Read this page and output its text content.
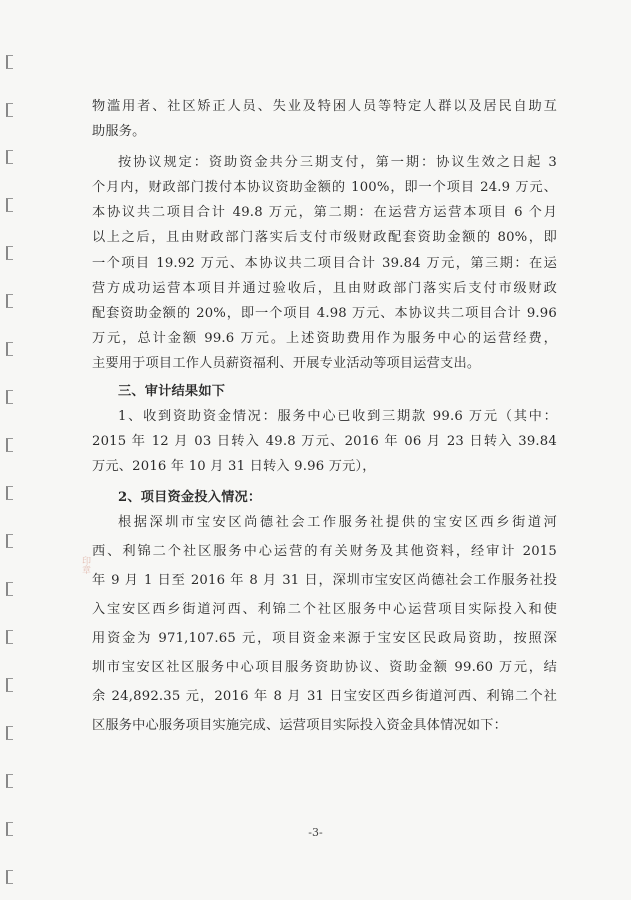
印章
物滥用者、社区矫正人员、失业及特困人员等特定人群以及居民自助互
助服务。
按协议规定：资助资金共分三期支付，第一期：协议生效之日起 3
个月内，财政部门拨付本协议资助金额的 100%，即一个项目 24.9 万元、
本协议共二项目合计 49.8 万元，第二期：在运营方运营本项目 6 个月
以上之后，且由财政部门落实后支付市级财政配套资助金额的 80%，即
一个项目 19.92 万元、本协议共二项目合计 39.84 万元，第三期：在运
营方成功运营本项目并通过验收后，且由财政部门落实后支付市级财政
配套资助金额的 20%，即一个项目 4.98 万元、本协议共二项目合计 9.96
万元，总计金额 99.6 万元。上述资助费用作为服务中心的运营经费，
主要用于项目工作人员薪资福利、开展专业活动等项目运营支出。
三、审计结果如下
1、收到资助资金情况：服务中心已收到三期款 99.6 万元（其中：
2015 年 12 月 03 日转入 49.8 万元、2016 年 06 月 23 日转入 39.84
万元、2016 年 10 月 31 日转入 9.96 万元），
2、项目资金投入情况：
根据深圳市宝安区尚德社会工作服务社提供的宝安区西乡街道河
西、利锦二个社区服务中心运营的有关财务及其他资料，经审计 2015
年 9 月 1 日至 2016 年 8 月 31 日，深圳市宝安区尚德社会工作服务社投
入宝安区西乡街道河西、利锦二个社区服务中心运营项目实际投入和使
用资金为 971,107.65 元，项目资金来源于宝安区民政局资助，按照深
圳市宝安区社区服务中心项目服务资助协议、资助金额 99.60 万元，结
余 24,892.35 元，2016 年 8 月 31 日宝安区西乡街道河西、利锦二个社
区服务中心服务项目实施完成、运营项目实际投入资金具体情况如下：
-3-
